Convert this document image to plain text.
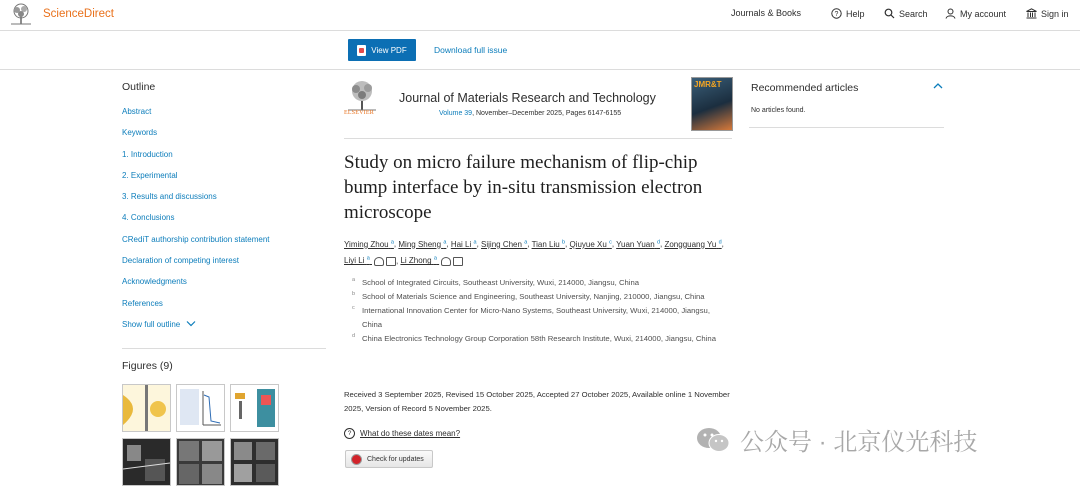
ScienceDirect	Journals & Books	? Help	Search	My account	Sign in
View PDF	Download full issue
Outline
Abstract
Keywords
1. Introduction
2. Experimental
3. Results and discussions
4. Conclusions
CRediT authorship contribution statement
Declaration of competing interest
Acknowledgments
References
Show full outline
Figures (9)
ELSEVIER
Journal of Materials Research and Technology
Volume 39, November–December 2025, Pages 6147-6155
JMR&T
Study on micro failure mechanism of flip-chip bump interface by in-situ transmission electron microscope
Yiming Zhou $^a$, Ming Sheng $^a$, Hai Li $^a$, Sijing Chen $^a$, Tian Liu $^b$, Qiuyue Xu $^c$, Yuan Yuan $^d$, Zongguang Yu $^d$, Liyi Li $^a$	, Li Zhong $^a$
a School of Integrated Circuits, Southeast University, Wuxi, 214000, Jiangsu, China
b School of Materials Science and Engineering, Southeast University, Nanjing, 210000, Jiangsu, China
c International Innovation Center for Micro-Nano Systems, Southeast University, Wuxi, 214000, Jiangsu, China
d China Electronics Technology Group Corporation 58th Research Institute, Wuxi, 214000, Jiangsu, China
Received 3 September 2025, Revised 15 October 2025, Accepted 27 October 2025, Available online 1 November 2025, Version of Record 5 November 2025.
?	What do these dates mean?
Check for updates
Recommended articles
No articles found.
公众号 · 北京仪光科技
